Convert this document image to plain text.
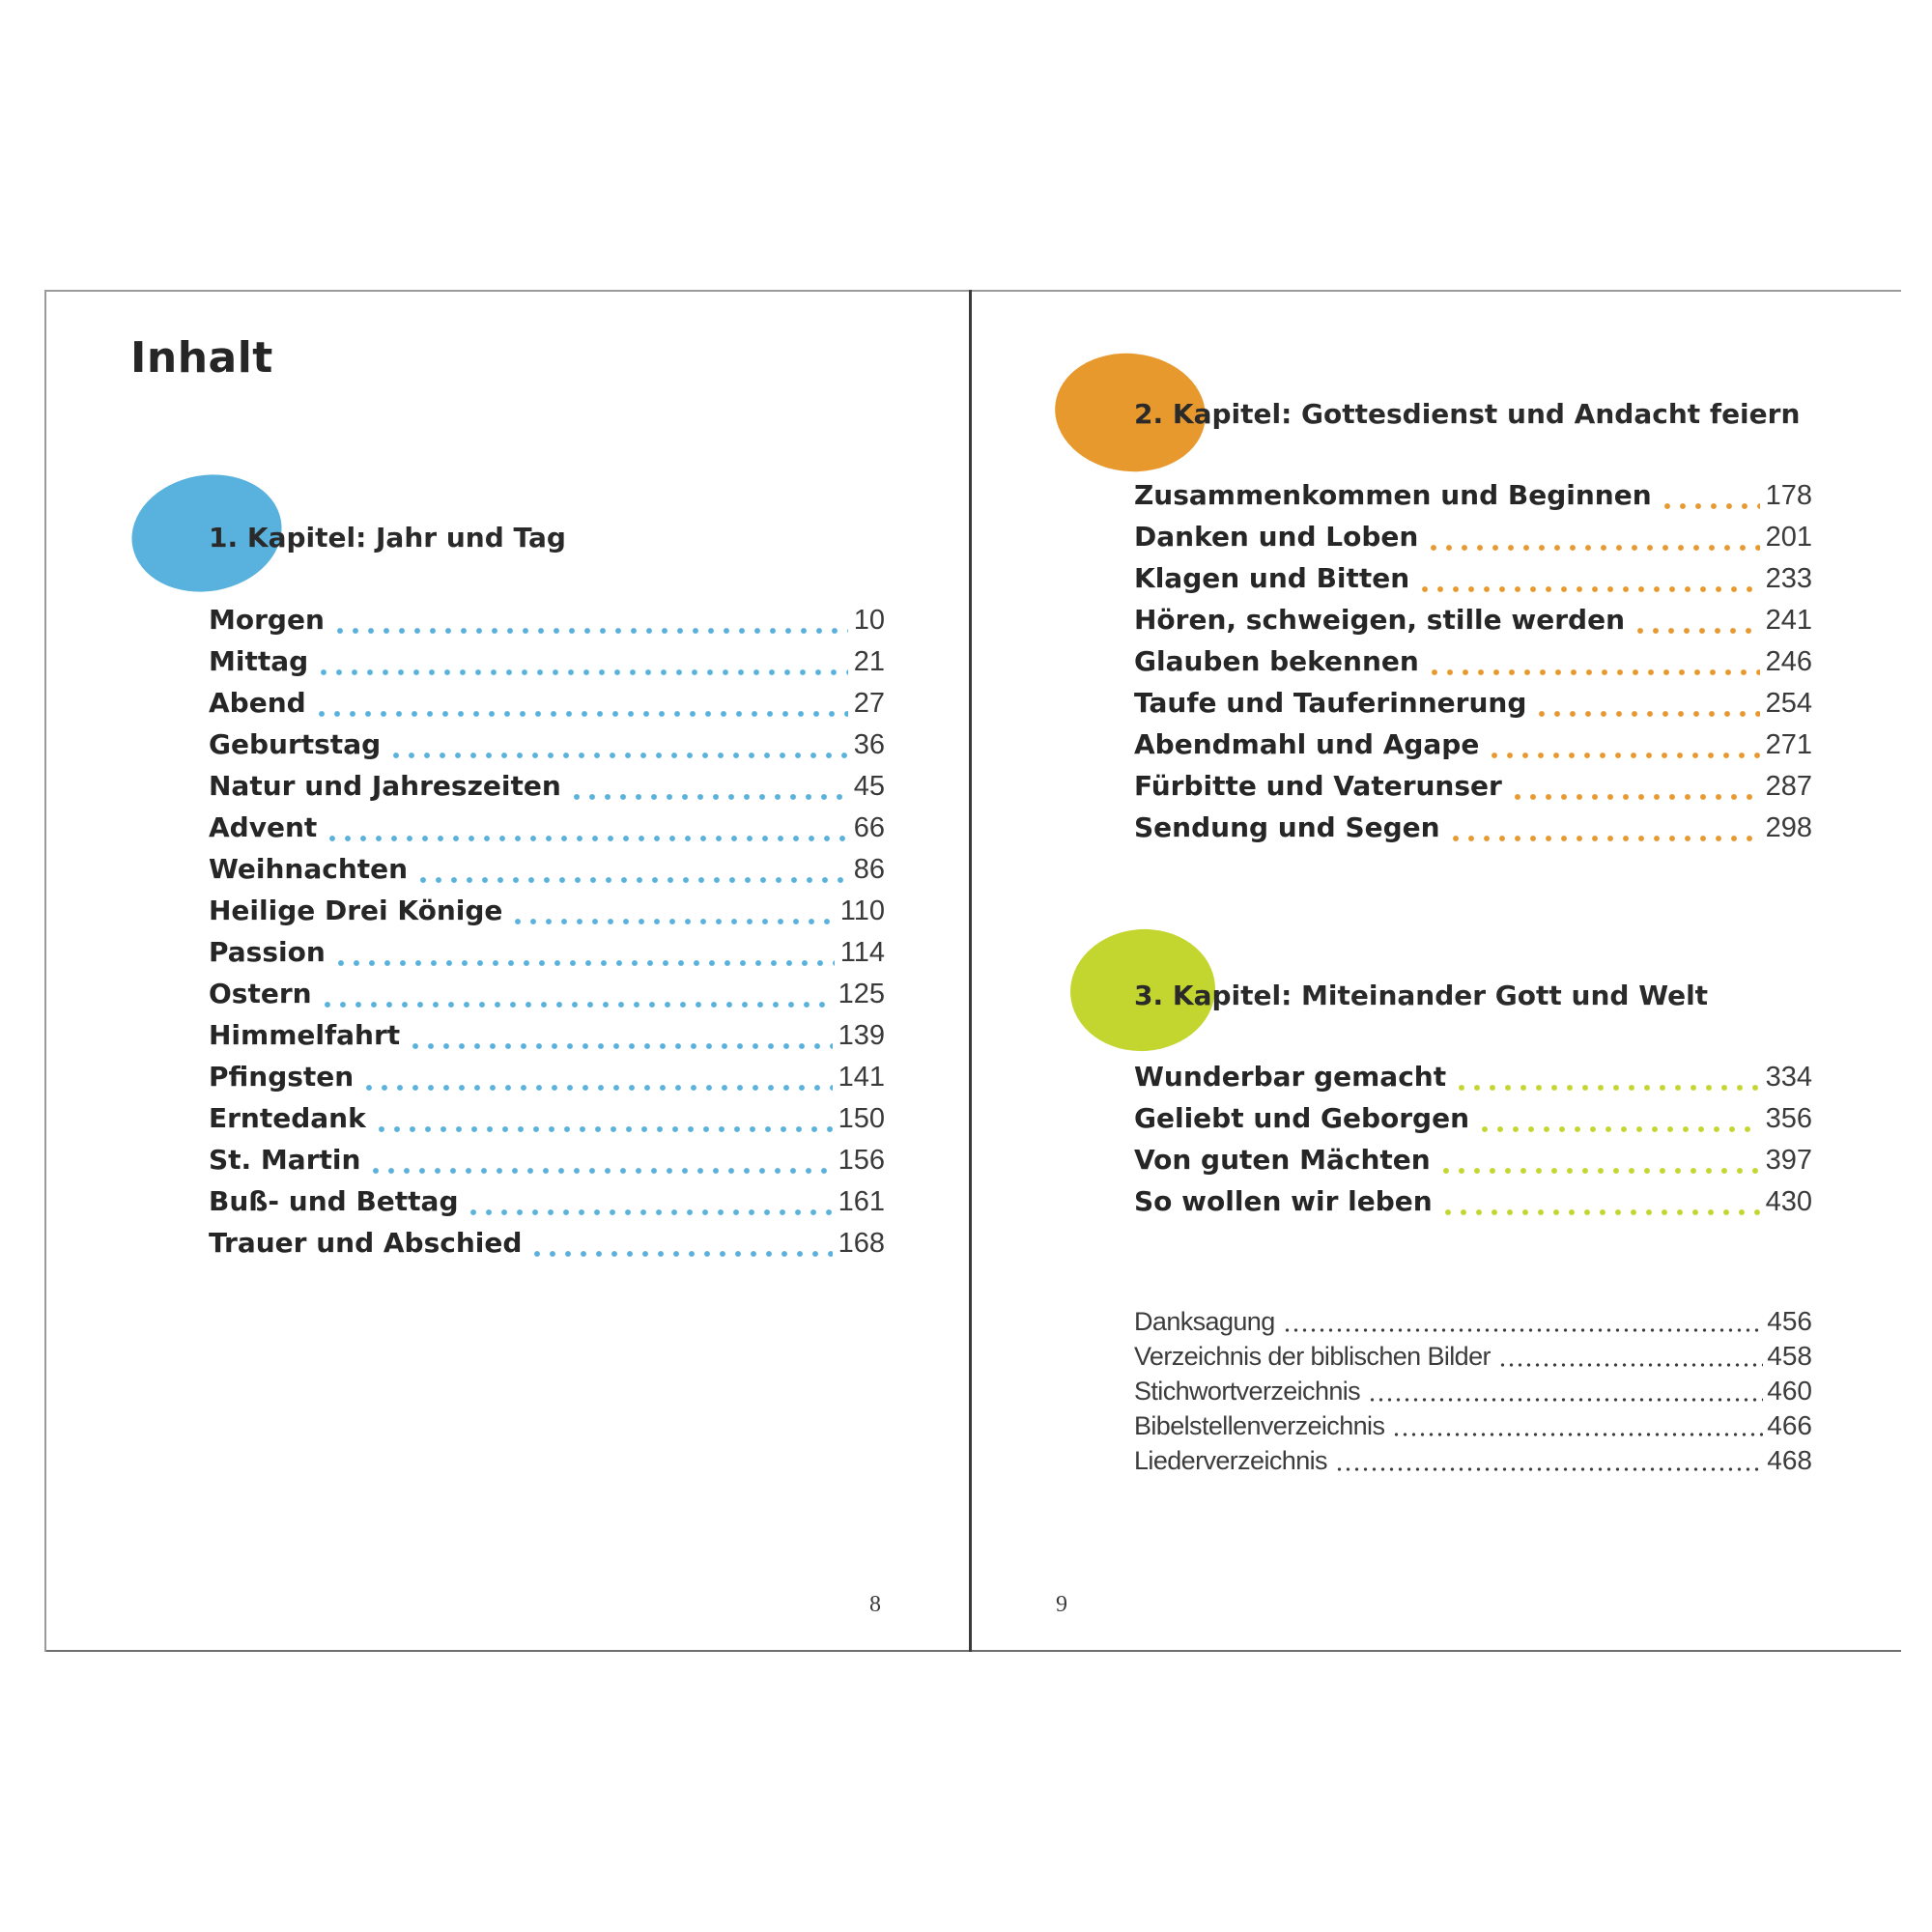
Inhalt
1. Kapitel: Jahr und Tag
Morgen	10
Mittag	21
Abend	27
Geburtstag	36
Natur und Jahreszeiten	45
Advent	66
Weihnachten	86
Heilige Drei Könige	110
Passion	114
Ostern	125
Himmelfahrt	139
Pfingsten	141
Erntedank	150
St. Martin	156
Buß- und Bettag	161
Trauer und Abschied	168
2. Kapitel: Gottesdienst und Andacht feiern
Zusammenkommen und Beginnen	178
Danken und Loben	201
Klagen und Bitten	233
Hören, schweigen, stille werden	241
Glauben bekennen	246
Taufe und Tauferinnerung	254
Abendmahl und Agape	271
Fürbitte und Vaterunser	287
Sendung und Segen	298
3. Kapitel: Miteinander Gott und Welt
Wunderbar gemacht	334
Geliebt und Geborgen	356
Von guten Mächten	397
So wollen wir leben	430
Danksagung	456
Verzeichnis der biblischen Bilder	458
Stichwortverzeichnis	460
Bibelstellenverzeichnis	466
Liederverzeichnis	468
8	9
